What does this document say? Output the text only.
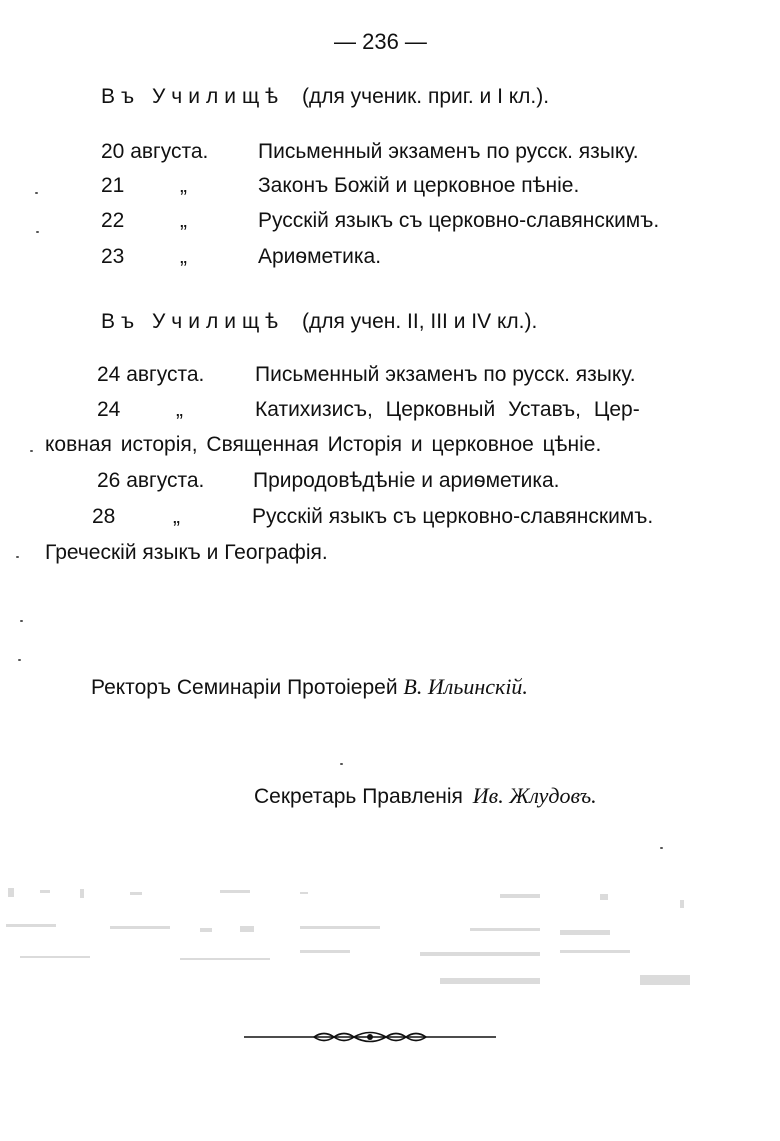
— 236 —
Въ Училищѣ (для ученик. приг. и I кл.).
20 августа. Письменный экзаменъ по русск. языку.
21	„	Законъ Божій и церковное пѣніе.
22	„	Русскій языкъ съ церковно-славянскимъ.
23	„	Ариѳметика.
Въ Училищѣ (для учен. II, III и IV кл.).
24 августа. Письменный экзаменъ по русск. языку.
24	„	Катихизисъ, Церковный Уставъ, Цер-
ковная исторія, Священная Исторія и церковное цѣніе.
26 августа. Природовѣдѣніе и ариѳметика.
28	„	Русскій языкъ съ церковно-славянскимъ.
Греческій языкъ и Географія.
Ректоръ Семинаріи Протоіерей В. Ильинскій.
Секретарь Правленія Ив. Жлудовъ.
